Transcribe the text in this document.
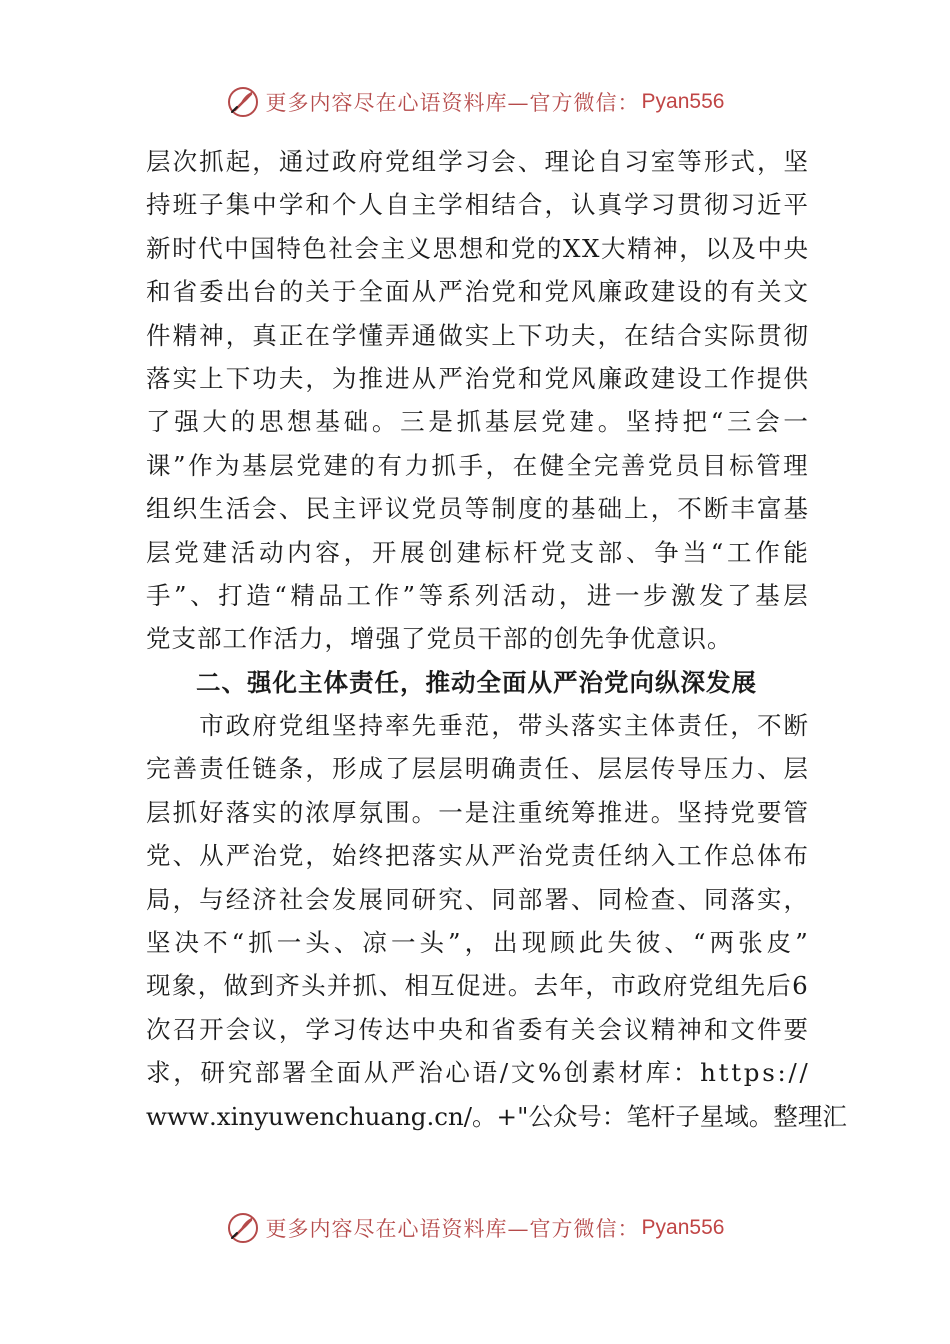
更多内容尽在心语资料库—官方微信： Pyan556
层 次 抓 起 ， 通 过 政 府 党 组 学 习 会 、 理 论 自 习 室 等 形 式 ， 坚
持 班 子 集 中 学 和 个 人 自 主 学 相 结 合 ， 认 真 学 习 贯 彻 习 近 平
新 时 代 中 国 特 色 社 会 主 义 思 想 和 党 的 X X 大 精 神 ， 以 及 中 央
和 省 委 出 台 的 关 于 全 面 从 严 治 党 和 党 风 廉 政 建 设 的 有 关 文
件 精 神 ， 真 正 在 学 懂 弄 通 做 实 上 下 功 夫 ， 在 结 合 实 际 贯 彻
落 实 上 下 功 夫 ， 为 推 进 从 严 治 党 和 党 风 廉 政 建 设 工 作 提 供
了 强 大 的 思 想 基 础 。 三 是 抓 基 层 党 建 。 坚 持 把 “ 三 会 一
课 ” 作 为 基 层 党 建 的 有 力 抓 手 ， 在 健 全 完 善 党 员 目 标 管 理
组 织 生 活 会 、 民 主 评 议 党 员 等 制 度 的 基 础 上 ， 不 断 丰 富 基
层 党 建 活 动 内 容 ， 开 展 创 建 标 杆 党 支 部 、 争 当 “ 工 作 能
手 ” 、 打 造 “ 精 品 工 作 ” 等 系 列 活 动 ， 进 一 步 激 发 了 基 层
党支部工作活力，增强了党员干部的创先争优意识。
二、强化主体责任，推动全面从严治党向纵深发展

市 政 府 党 组 坚 持 率 先 垂 范 ， 带 头 落 实 主 体 责 任 ， 不 断
完 善 责 任 链 条 ， 形 成 了 层 层 明 确 责 任 、 层 层 传 导 压 力 、 层
层 抓 好 落 实 的 浓 厚 氛 围 。 一 是 注 重 统 筹 推 进 。 坚 持 党 要 管
党 、 从 严 治 党 ， 始 终 把 落 实 从 严 治 党 责 任 纳 入 工 作 总 体 布
局 ， 与 经 济 社 会 发 展 同 研 究 、 同 部 署 、 同 检 查 、 同 落 实 ，
坚 决 不 “ 抓 一 头 、 凉 一 头 ” ， 出 现 顾 此 失 彼 、 “ 两 张 皮 ”
现 象 ， 做 到 齐 头 并 抓 、 相 互 促 进 。 去 年 ， 市 政 府 党 组 先 后 6
次 召 开 会 议 ， 学 习 传 达 中 央 和 省 委 有 关 会 议 精 神 和 文 件 要
求 ， 研 究 部 署 全 面 从 严 治 心 语 / 文 % 创 素 材 库 ： h t t p s : / /
w w w . x i n y u w e n c h u a n g . c n / 。 + " 公 众 号 ： 笔 杆 子 星 域 。 整 理 汇
更多内容尽在心语资料库—官方微信： Pyan556
